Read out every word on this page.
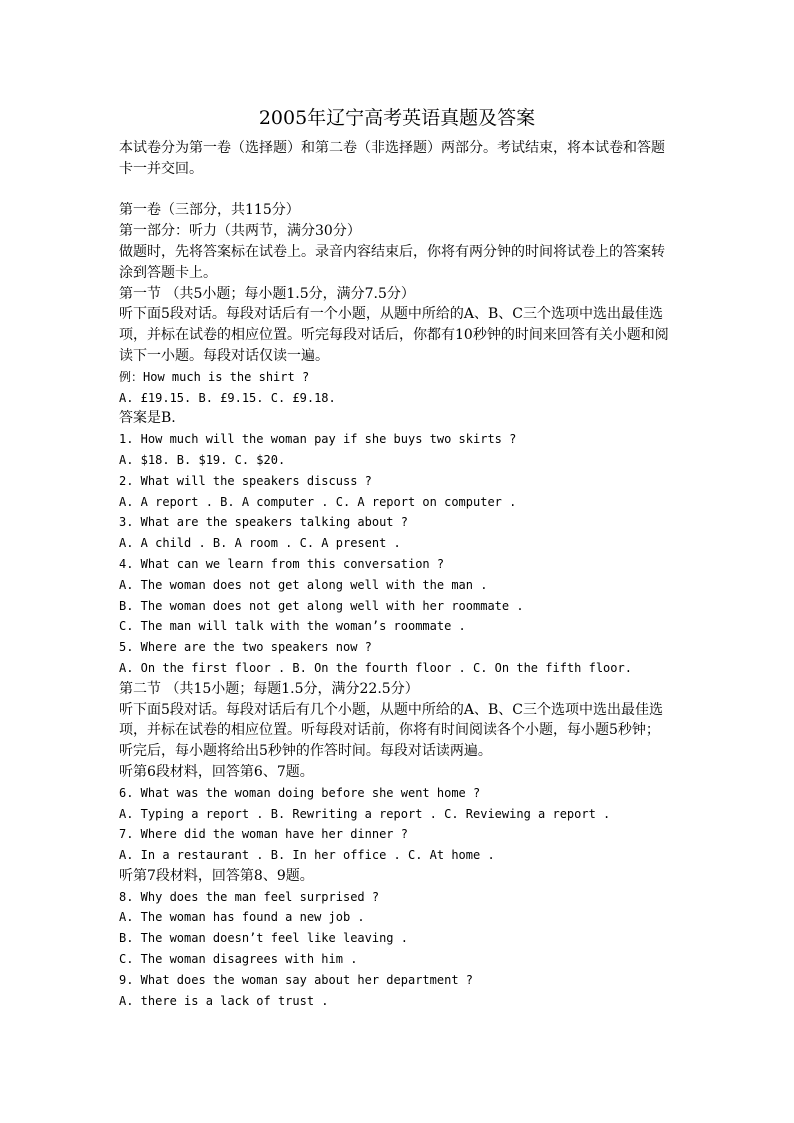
2005年辽宁高考英语真题及答案
本试卷分为第一卷（选择题）和第二卷（非选择题）两部分。考试结束，将本试卷和答题
卡一并交回。
第一卷（三部分，共115分）
第一部分：听力（共两节，满分30分）
做题时，先将答案标在试卷上。录音内容结束后，你将有两分钟的时间将试卷上的答案转
涂到答题卡上。
第一节 （共5小题；每小题1.5分，满分7.5分）
听下面5段对话。每段对话后有一个小题，从题中所给的A、B、C三个选项中选出最佳选
项，并标在试卷的相应位置。听完每段对话后，你都有10秒钟的时间来回答有关小题和阅
读下一小题。每段对话仅读一遍。
例：How much is the shirt ?
A. £19.15. B. £9.15. C. £9.18.
答案是B.
1. How much will the woman pay if she buys two skirts ?
A. $18. B. $19. C. $20.
2. What will the speakers discuss ?
A. A report . B. A computer . C. A report on computer .
3. What are the speakers talking about ?
A. A child . B. A room . C. A present .
4. What can we learn from this conversation ?
A. The woman does not get along well with the man .
B. The woman does not get along well with her roommate .
C. The man will talk with the woman’s roommate .
5. Where are the two speakers now ?
A. On the first floor . B. On the fourth floor . C. On the fifth floor.
第二节 （共15小题；每题1.5分，满分22.5分）
听下面5段对话。每段对话后有几个小题，从题中所给的A、B、C三个选项中选出最佳选
项，并标在试卷的相应位置。听每段对话前，你将有时间阅读各个小题，每小题5秒钟；
听完后，每小题将给出5秒钟的作答时间。每段对话读两遍。
听第6段材料，回答第6、7题。
6. What was the woman doing before she went home ?
A. Typing a report . B. Rewriting a report . C. Reviewing a report .
7. Where did the woman have her dinner ?
A. In a restaurant . B. In her office . C. At home .
听第7段材料，回答第8、9题。
8. Why does the man feel surprised ?
A. The woman has found a new job .
B. The woman doesn’t feel like leaving .
C. The woman disagrees with him .
9. What does the woman say about her department ?
A. there is a lack of trust .
